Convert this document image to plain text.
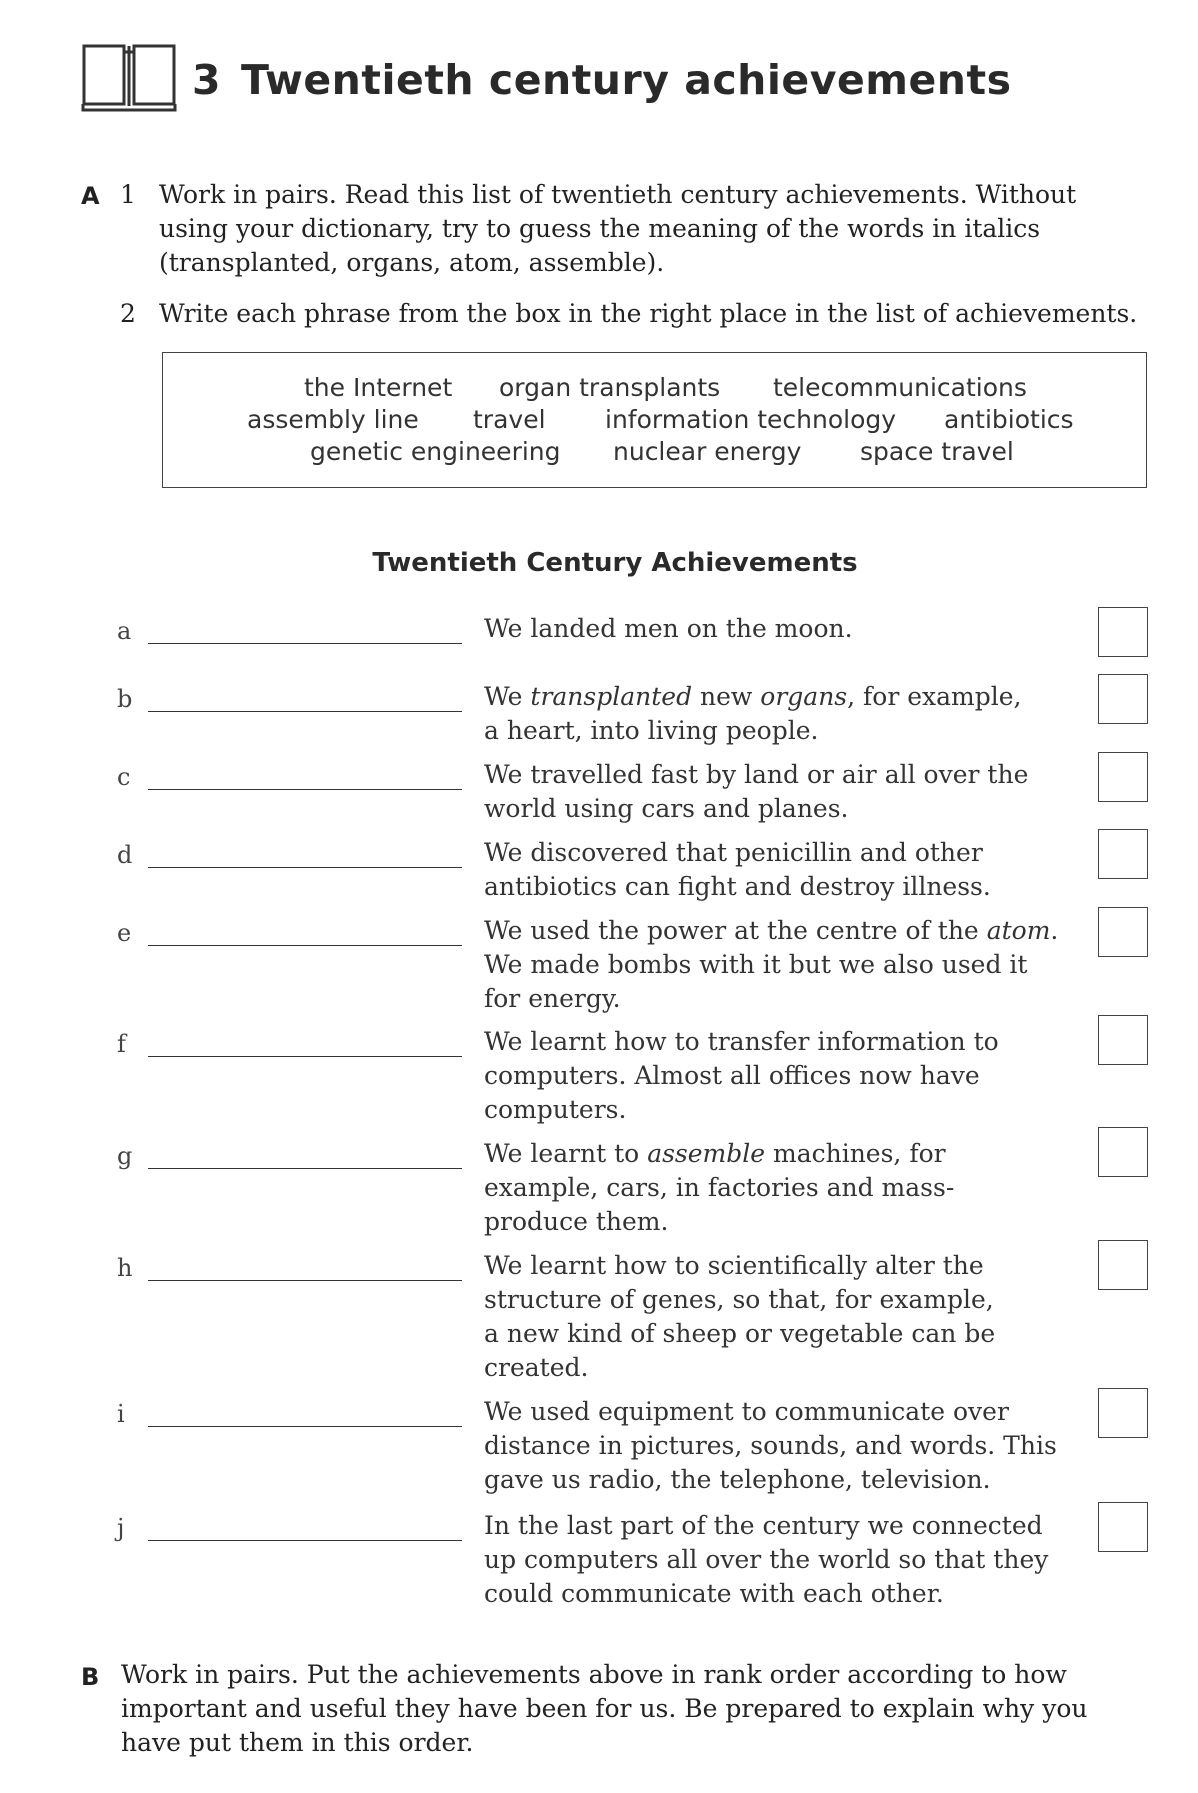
3 Twentieth century achievements
A 1 Work in pairs. Read this list of twentieth century achievements. Without
using your dictionary, try to guess the meaning of the words in italics
(transplanted, organs, atom, assemble).
2 Write each phrase from the box in the right place in the list of achievements.
the Internet organ transplants telecommunications
assembly line travel information technology antibiotics
genetic engineering nuclear energy space travel
Twentieth Century Achievements
a	We landed men on the moon.
b	We transplanted new organs, for example,
a heart, into living people.
c	We travelled fast by land or air all over the
world using cars and planes.
d	We discovered that penicillin and other
antibiotics can fight and destroy illness.
e	We used the power at the centre of the atom.
We made bombs with it but we also used it
for energy.
f	We learnt how to transfer information to
computers. Almost all offices now have
computers.
g	We learnt to assemble machines, for
example, cars, in factories and mass-
produce them.
h	We learnt how to scientifically alter the
structure of genes, so that, for example,
a new kind of sheep or vegetable can be
created.
i	We used equipment to communicate over
distance in pictures, sounds, and words. This
gave us radio, the telephone, television.
j	In the last part of the century we connected
up computers all over the world so that they
could communicate with each other.
B Work in pairs. Put the achievements above in rank order according to how
important and useful they have been for us. Be prepared to explain why you
have put them in this order.
